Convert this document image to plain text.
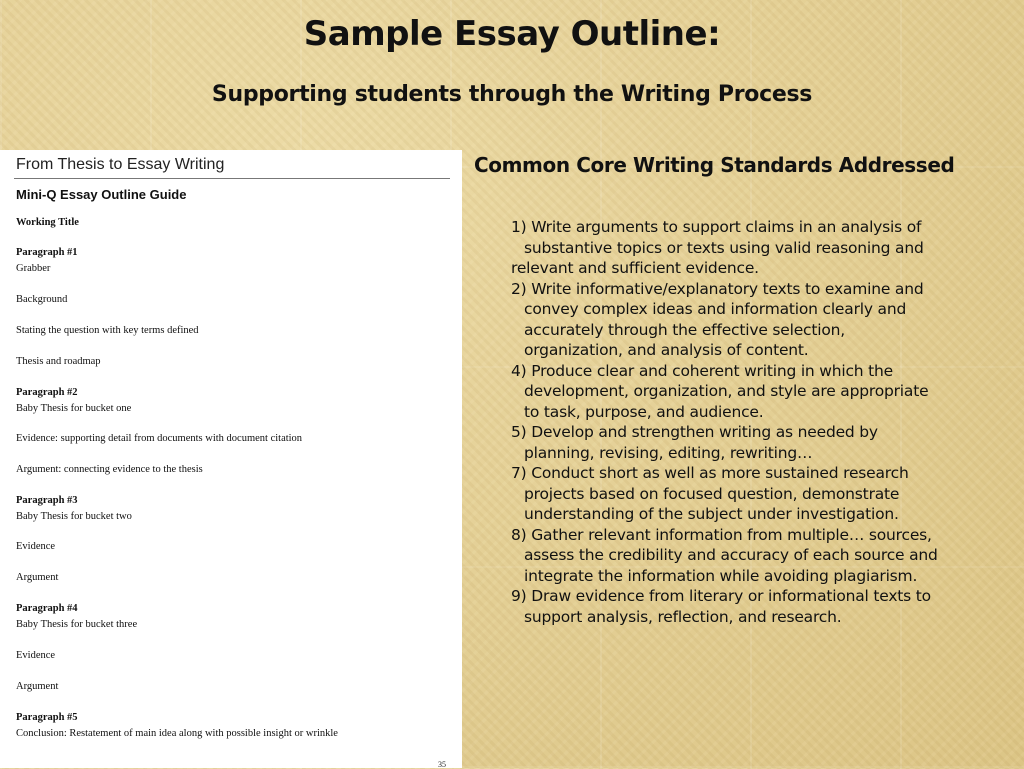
Sample Essay Outline:
Supporting students through the Writing Process
From Thesis to Essay Writing
Mini-Q Essay Outline Guide
Working Title
Paragraph #1
Grabber
Background
Stating the question with key terms defined
Thesis and roadmap
Paragraph #2
Baby Thesis for bucket one
Evidence: supporting detail from documents with document citation
Argument: connecting evidence to the thesis
Paragraph #3
Baby Thesis for bucket two
Evidence
Argument
Paragraph #4
Baby Thesis for bucket three
Evidence
Argument
Paragraph #5
Conclusion: Restatement of main idea along with possible insight or wrinkle
35
Common Core Writing Standards Addressed
1) Write arguments to support claims in an analysis of
substantive topics or texts using valid reasoning and
relevant and sufficient evidence.
2) Write informative/explanatory texts to examine and
convey complex ideas and information clearly and
accurately through the effective selection,
organization, and analysis of content.
4) Produce clear and coherent writing in which the
development, organization, and style are appropriate
to task, purpose, and audience.
5) Develop and strengthen writing as needed by
planning, revising, editing, rewriting…
7) Conduct short as well as more sustained research
projects based on focused question, demonstrate
understanding of the subject under investigation.
8) Gather relevant information from multiple… sources,
assess the credibility and accuracy of each source and
integrate the information while avoiding plagiarism.
9) Draw evidence from literary or informational texts to
support analysis, reflection, and research.
